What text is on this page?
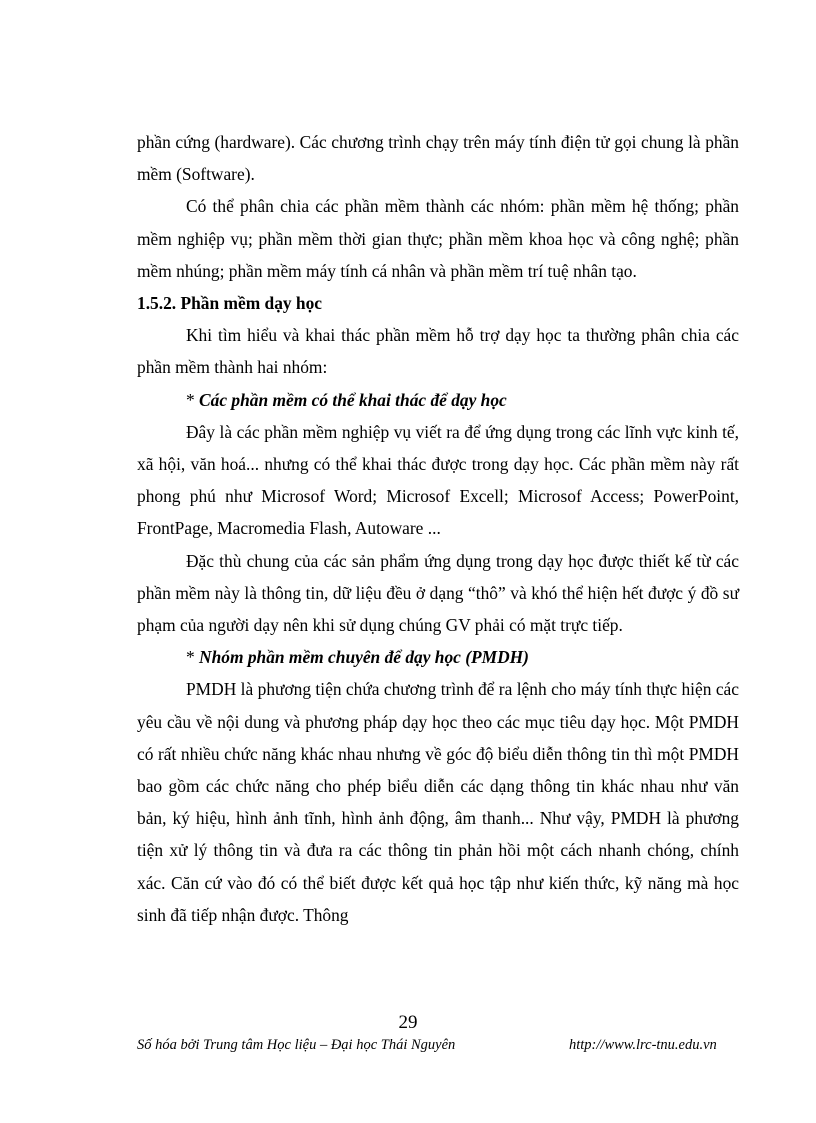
phần cứng (hardware). Các chương trình chạy trên máy tính điện tử gọi chung là phần mềm (Software).

Có thể phân chia các phần mềm thành các nhóm: phần mềm hệ thống; phần mềm nghiệp vụ; phần mềm thời gian thực; phần mềm khoa học và công nghệ; phần mềm nhúng; phần mềm máy tính cá nhân và phần mềm trí tuệ nhân tạo.

1.5.2. Phần mềm dạy học

Khi tìm hiểu và khai thác phần mềm hỗ trợ dạy học ta thường phân chia các phần mềm thành hai nhóm:

* Các phần mềm có thể khai thác để dạy học

Đây là các phần mềm nghiệp vụ viết ra để ứng dụng trong các lĩnh vực kinh tế, xã hội, văn hoá... nhưng có thể khai thác được trong dạy học. Các phần mềm này rất phong phú như Microsof Word; Microsof Excell; Microsof Access; PowerPoint, FrontPage, Macromedia Flash, Autoware ...

Đặc thù chung của các sản phẩm ứng dụng trong dạy học được thiết kế từ các phần mềm này là thông tin, dữ liệu đều ở dạng “thô” và khó thể hiện hết được ý đồ sư phạm của người dạy nên khi sử dụng chúng GV phải có mặt trực tiếp.

* Nhóm phần mềm chuyên để dạy học (PMDH)

PMDH là phương tiện chứa chương trình để ra lệnh cho máy tính thực hiện các yêu cầu về nội dung và phương pháp dạy học theo các mục tiêu dạy học. Một PMDH có rất nhiều chức năng khác nhau nhưng về góc độ biểu diễn thông tin thì một PMDH bao gồm các chức năng cho phép biểu diễn các dạng thông tin khác nhau như văn bản, ký hiệu, hình ảnh tĩnh, hình ảnh động, âm thanh... Như vậy, PMDH là phương tiện xử lý thông tin và đưa ra các thông tin phản hồi một cách nhanh chóng, chính xác. Căn cứ vào đó có thể biết được kết quả học tập như kiến thức, kỹ năng mà học sinh đã tiếp nhận được. Thông

29
Số hóa bởi Trung tâm Học liệu – Đại học Thái Nguyên	http://www.lrc-tnu.edu.vn
